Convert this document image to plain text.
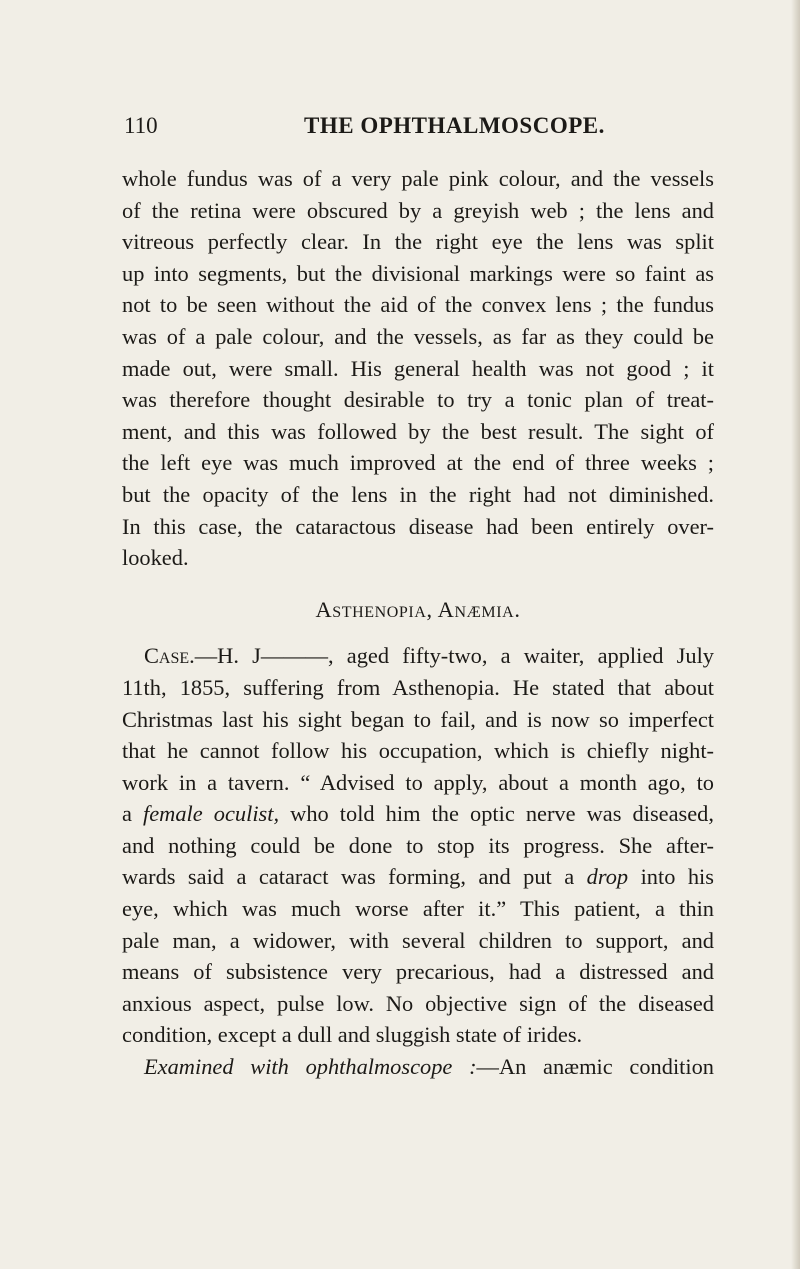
110	THE OPHTHALMOSCOPE.

whole fundus was of a very pale pink colour, and the vessels
of the retina were obscured by a greyish web ; the lens and
vitreous perfectly clear. In the right eye the lens was split
up into segments, but the divisional markings were so faint as
not to be seen without the aid of the convex lens ; the fundus
was of a pale colour, and the vessels, as far as they could be
made out, were small. His general health was not good ; it
was therefore thought desirable to try a tonic plan of treat-
ment, and this was followed by the best result. The sight of
the left eye was much improved at the end of three weeks ;
but the opacity of the lens in the right had not diminished.
In this case, the cataractous disease had been entirely over-
looked.

Asthenopia, Anæmia.

Case.—H. J———, aged fifty-two, a waiter, applied July
11th, 1855, suffering from Asthenopia. He stated that about
Christmas last his sight began to fail, and is now so imperfect
that he cannot follow his occupation, which is chiefly night-
work in a tavern. “ Advised to apply, about a month ago, to
a female oculist, who told him the optic nerve was diseased,
and nothing could be done to stop its progress. She after-
wards said a cataract was forming, and put a drop into his
eye, which was much worse after it.” This patient, a thin
pale man, a widower, with several children to support, and
means of subsistence very precarious, had a distressed and
anxious aspect, pulse low. No objective sign of the diseased
condition, except a dull and sluggish state of irides.
Examined with ophthalmoscope :—An anæmic condition
